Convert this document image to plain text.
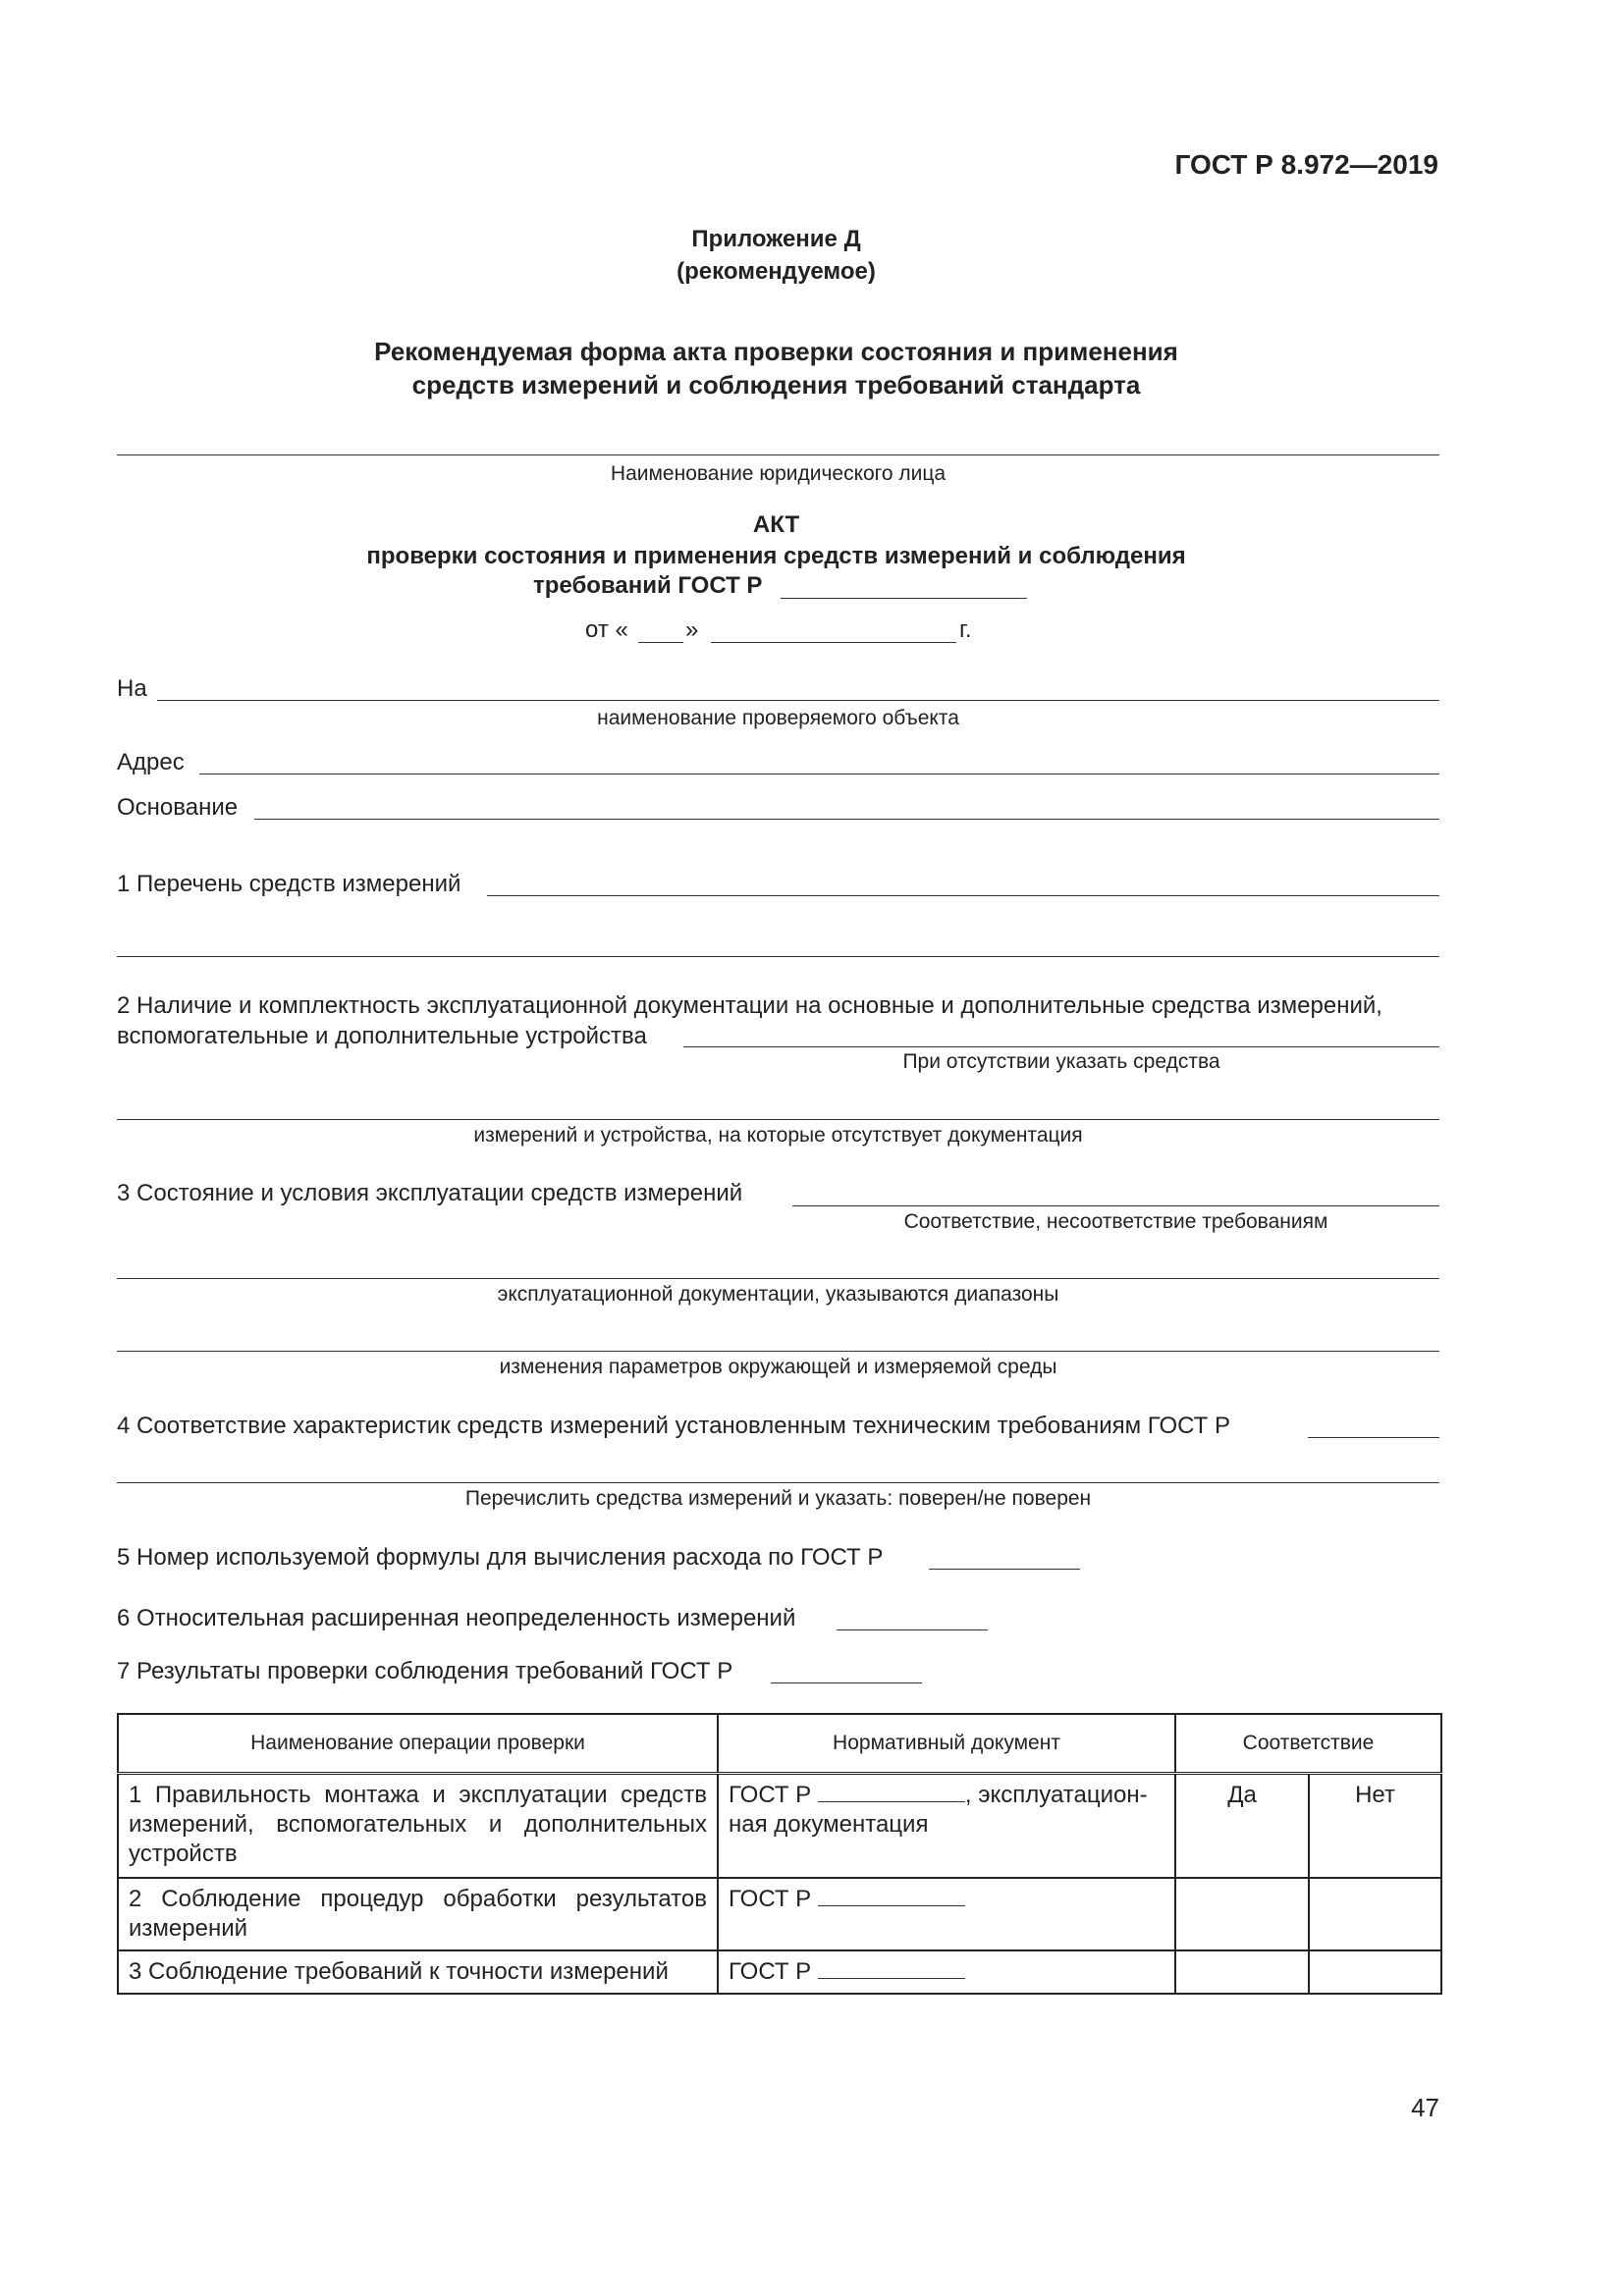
ГОСТ Р 8.972—2019
Приложение Д
(рекомендуемое)
Рекомендуемая форма акта проверки состояния и применения
средств измерений и соблюдения требований стандарта
Наименование юридического лица
АКТ
проверки состояния и применения средств измерений и соблюдения
требований ГОСТ Р
от « »	г.
На
наименование проверяемого объекта
Адрес
Основание
1 Перечень средств измерений
2 Наличие и комплектность эксплуатационной документации на основные и дополнительные средства измерений,
вспомогательные и дополнительные устройства
При отсутствии указать средства
измерений и устройства, на которые отсутствует документация
3 Состояние и условия эксплуатации средств измерений
Соответствие, несоответствие требованиям
эксплуатационной документации, указываются диапазоны
изменения параметров окружающей и измеряемой среды
4 Соответствие характеристик средств измерений установленным техническим требованиям ГОСТ Р
Перечислить средства измерений и указать: поверен/не поверен
5 Номер используемой формулы для вычисления расхода по ГОСТ Р
6 Относительная расширенная неопределенность измерений
7 Результаты проверки соблюдения требований ГОСТ Р
Наименование операции проверки	Нормативный документ	Соответствие	
1 Правильность монтажа и эксплуатации средств измерений, вспомогательных и дополнительных устройств	ГОСТ Р , эксплуатацион-ная документация	Да	Нет
2 Соблюдение процедур обработки результатов измерений	ГОСТ Р		
3 Соблюдение требований к точности измерений	ГОСТ Р		
47
